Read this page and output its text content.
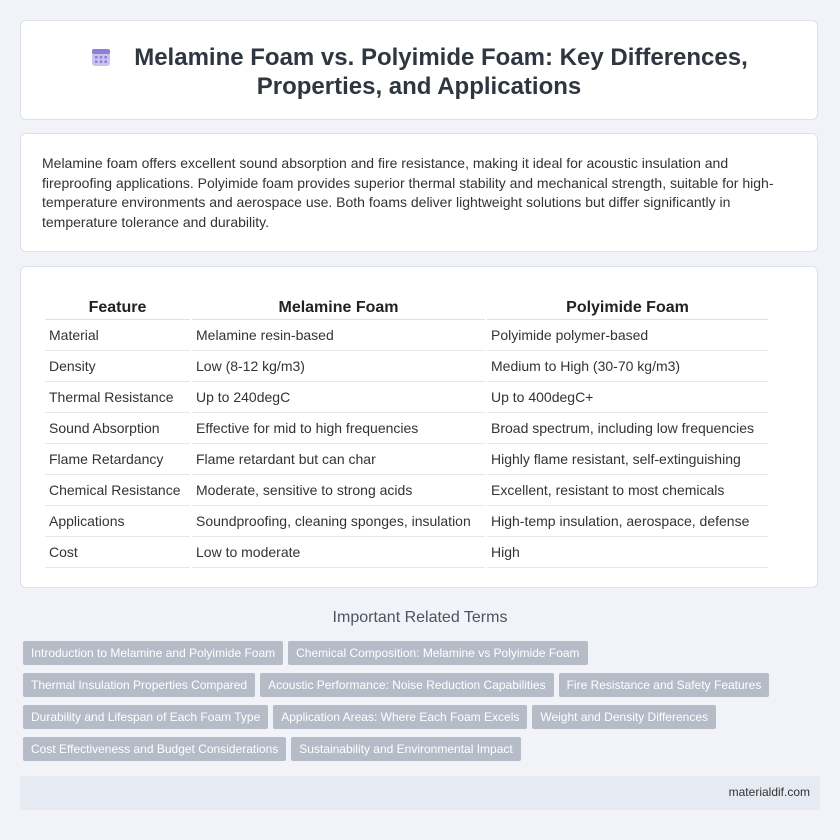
Melamine Foam vs. Polyimide Foam: Key Differences, Properties, and Applications

Melamine foam offers excellent sound absorption and fire resistance, making it ideal for acoustic insulation and fireproofing applications. Polyimide foam provides superior thermal stability and mechanical strength, suitable for high-temperature environments and aerospace use. Both foams deliver lightweight solutions but differ significantly in temperature tolerance and durability.

Feature	Melamine Foam	Polyimide Foam
Material	Melamine resin-based	Polyimide polymer-based
Density	Low (8-12 kg/m3)	Medium to High (30-70 kg/m3)
Thermal Resistance	Up to 240degC	Up to 400degC+
Sound Absorption	Effective for mid to high frequencies	Broad spectrum, including low frequencies
Flame Retardancy	Flame retardant but can char	Highly flame resistant, self-extinguishing
Chemical Resistance	Moderate, sensitive to strong acids	Excellent, resistant to most chemicals
Applications	Soundproofing, cleaning sponges, insulation	High-temp insulation, aerospace, defense
Cost	Low to moderate	High
Important Related Terms
Introduction to Melamine and Polyimide Foam Chemical Composition: Melamine vs Polyimide Foam
Thermal Insulation Properties Compared Acoustic Performance: Noise Reduction Capabilities Fire Resistance and Safety Features
Durability and Lifespan of Each Foam Type Application Areas: Where Each Foam Excels Weight and Density Differences
Cost Effectiveness and Budget Considerations Sustainability and Environmental Impact
materialdif.com
